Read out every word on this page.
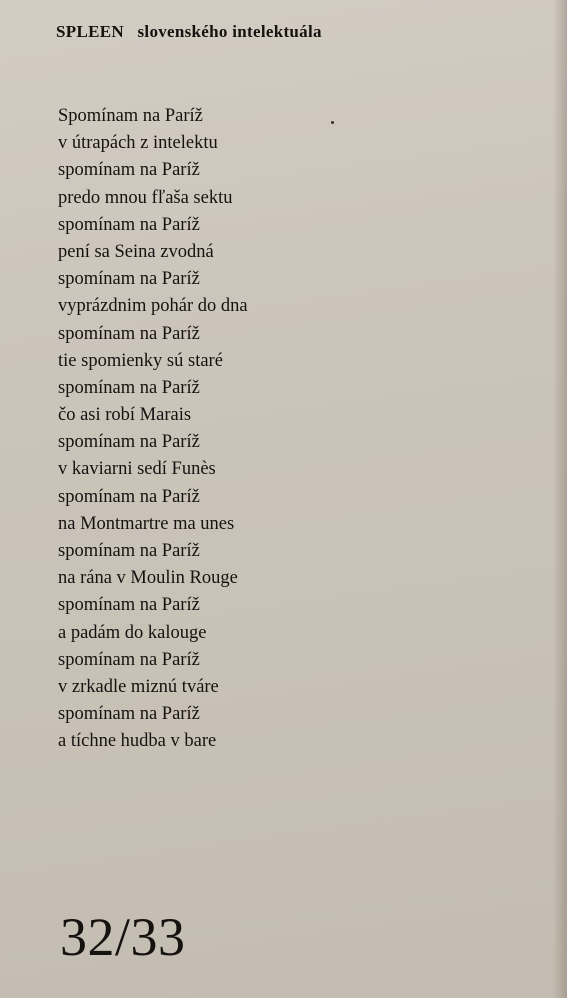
SPLEEN slovenského intelektuála
Spomínam na Paríž
v útrapách z intelektu
spomínam na Paríž
predo mnou fľaša sektu
spomínam na Paríž
pení sa Seina zvodná
spomínam na Paríž
vyprázdnim pohár do dna
spomínam na Paríž
tie spomienky sú staré
spomínam na Paríž
čo asi robí Marais
spomínam na Paríž
v kaviarni sedí Funès
spomínam na Paríž
na Montmartre ma unes
spomínam na Paríž
na rána v Moulin Rouge
spomínam na Paríž
a padám do kalouge
spomínam na Paríž
v zrkadle miznú tváre
spomínam na Paríž
a tíchne hudba v bare
32/33
